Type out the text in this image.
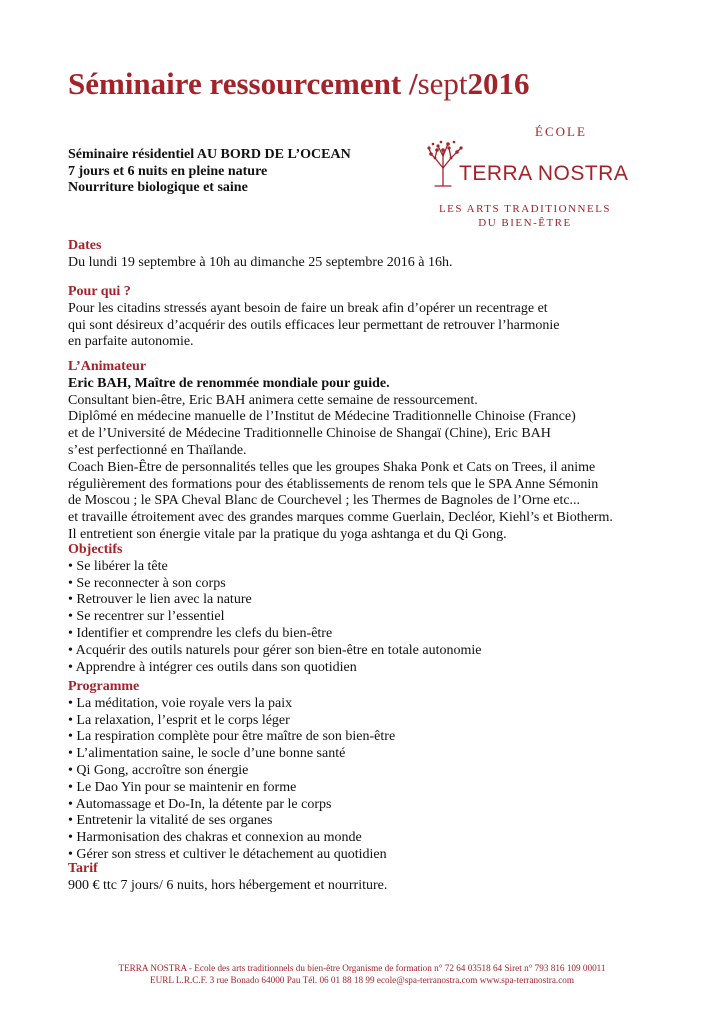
Séminaire ressourcement /sept2016
Séminaire résidentiel AU BORD DE L’OCEAN
7 jours et 6 nuits en pleine nature
Nourriture biologique et saine
ÉCOLE
TERRA NOSTRA
LES ARTS TRADITIONNELS
DU BIEN-ÊTRE
Dates
Du lundi 19 septembre à 10h au dimanche 25 septembre 2016 à 16h.
Pour qui ?
Pour les citadins stressés ayant besoin de faire un break afin d’opérer un recentrage et
qui sont désireux d’acquérir des outils efficaces leur permettant de retrouver l’harmonie
en parfaite autonomie.
L’Animateur
Eric BAH, Maître de renommée mondiale pour guide.
Consultant bien-être, Eric BAH animera cette semaine de ressourcement.
Diplômé en médecine manuelle de l’Institut de Médecine Traditionnelle Chinoise (France)
et de l’Université de Médecine Traditionnelle Chinoise de Shangaï (Chine), Eric BAH
s’est perfectionné en Thaïlande.
Coach Bien-Être de personnalités telles que les groupes Shaka Ponk et Cats on Trees, il anime
régulièrement des formations pour des établissements de renom tels que le SPA Anne Sémonin
de Moscou ; le SPA Cheval Blanc de Courchevel ; les Thermes de Bagnoles de l’Orne etc...
et travaille étroitement avec des grandes marques comme Guerlain, Decléor, Kiehl’s et Biotherm.
Il entretient son énergie vitale par la pratique du yoga ashtanga et du Qi Gong.
Objectifs
• Se libérer la tête
• Se reconnecter à son corps
• Retrouver le lien avec la nature
• Se recentrer sur l’essentiel
• Identifier et comprendre les clefs du bien-être
• Acquérir des outils naturels pour gérer son bien-être en totale autonomie
• Apprendre à intégrer ces outils dans son quotidien
Programme
• La méditation, voie royale vers la paix
• La relaxation, l’esprit et le corps léger
• La respiration complète pour être maître de son bien-être
• L’alimentation saine, le socle d’une bonne santé
• Qi Gong, accroître son énergie
• Le Dao Yin pour se maintenir en forme
• Automassage et Do-In, la détente par le corps
• Entretenir la vitalité de ses organes
• Harmonisation des chakras et connexion au monde
• Gérer son stress et cultiver le détachement au quotidien
Tarif
900 € ttc 7 jours/ 6 nuits, hors hébergement et nourriture.
TERRA NOSTRA - Ecole des arts traditionnels du bien-être Organisme de formation n° 72 64 03518 64 Siret n° 793 816 109 00011
EURL L.R.C.F. 3 rue Bonado 64000 Pau Tél. 06 01 88 18 99 ecole@spa-terranostra.com www.spa-terranostra.com
